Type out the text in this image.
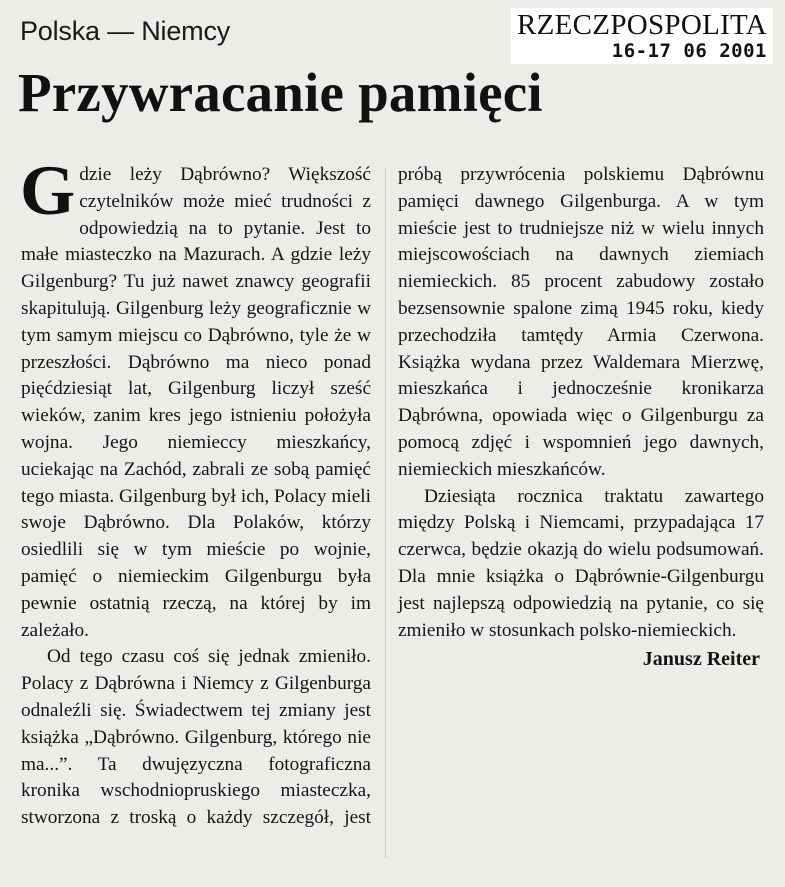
Polska — Niemcy	RZECZPOSPOLITA
16-17 06 2001
Przywracanie pamięci

Gdzie leży Dąbrówno? Większość czytelników może mieć trudności z odpowiedzią na to pytanie. Jest to małe miasteczko na Mazurach. A gdzie leży Gilgenburg? Tu już nawet znawcy geografii skapitulują. Gilgenburg leży geograficznie w tym samym miejscu co Dąbrówno, tyle że w przeszłości. Dąbrówno ma nieco ponad pięćdziesiąt lat, Gilgenburg liczył sześć wieków, zanim kres jego istnieniu położyła wojna. Jego niemieccy mieszkańcy, uciekając na Zachód, zabrali ze sobą pamięć tego miasta. Gilgenburg był ich, Polacy mieli swoje Dąbrówno. Dla Polaków, którzy osiedlili się w tym mieście po wojnie, pamięć o niemieckim Gilgenburgu była pewnie ostatnią rzeczą, na której by im zależało.

Od tego czasu coś się jednak zmieniło. Polacy z Dąbrówna i Niemcy z Gilgenburga odnaleźli się. Świadectwem tej zmiany jest książka „Dąbrówno. Gilgenburg, którego nie ma...”. Ta dwujęzyczna fotograficzna kronika wschodniopruskiego miasteczka, stworzona z troską o każdy szczegół, jest

próbą przywrócenia polskiemu Dąbrównu pamięci dawnego Gilgenburga. A w tym mieście jest to trudniejsze niż w wielu innych miejscowościach na dawnych ziemiach niemieckich. 85 procent zabudowy zostało bezsensownie spalone zimą 1945 roku, kiedy przechodziła tamtędy Armia Czerwona. Książka wydana przez Waldemara Mierzwę, mieszkańca i jednocześnie kronikarza Dąbrówna, opowiada więc o Gilgenburgu za pomocą zdjęć i wspomnień jego dawnych, niemieckich mieszkańców.

Dziesiąta rocznica traktatu zawartego między Polską i Niemcami, przypadająca 17 czerwca, będzie okazją do wielu podsumowań. Dla mnie książka o Dąbrównie-Gilgenburgu jest najlepszą odpowiedzią na pytanie, co się zmieniło w stosunkach polsko-niemieckich.

Janusz Reiter
